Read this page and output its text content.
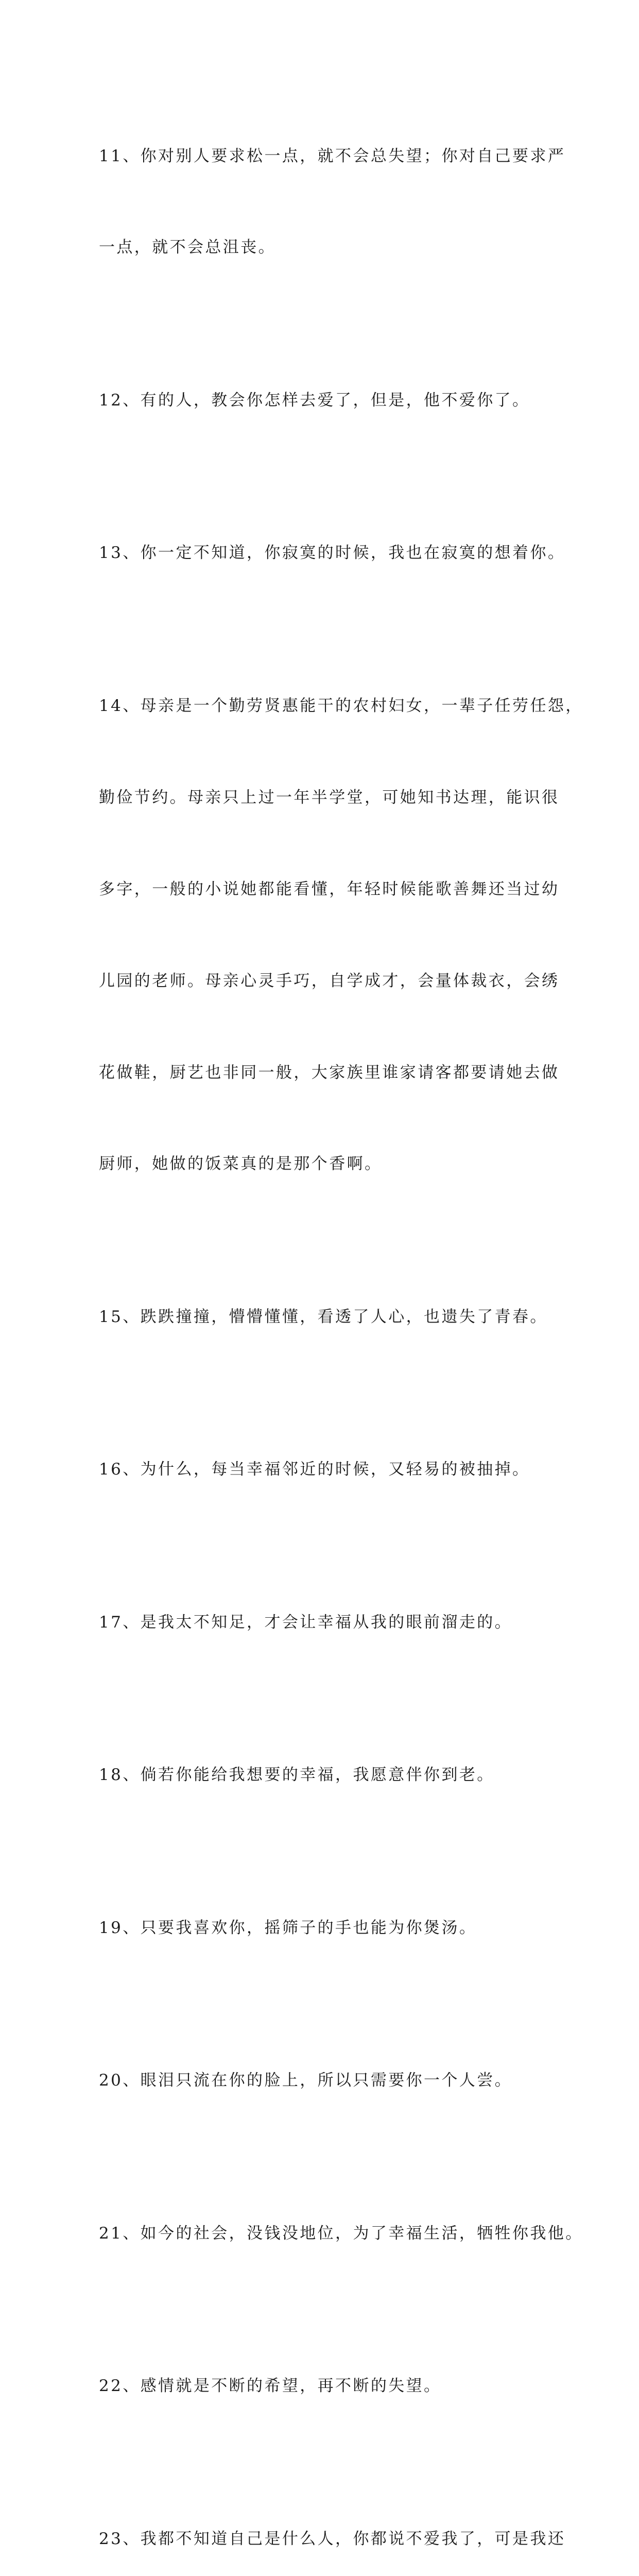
11、你对别人要求松一点，就不会总失望；你对自己要求严

一点，就不会总沮丧。

12、有的人，教会你怎样去爱了，但是，他不爱你了。

13、你一定不知道，你寂寞的时候，我也在寂寞的想着你。

14、母亲是一个勤劳贤惠能干的农村妇女，一辈子任劳任怨，

勤俭节约。母亲只上过一年半学堂，可她知书达理，能识很

多字，一般的小说她都能看懂，年轻时候能歌善舞还当过幼

儿园的老师。母亲心灵手巧，自学成才，会量体裁衣，会绣

花做鞋，厨艺也非同一般，大家族里谁家请客都要请她去做

厨师，她做的饭菜真的是那个香啊。

15、跌跌撞撞，懵懵懂懂，看透了人心，也遗失了青春。

16、为什么，每当幸福邻近的时候，又轻易的被抽掉。

17、是我太不知足，才会让幸福从我的眼前溜走的。

18、倘若你能给我想要的幸福，我愿意伴你到老。

19、只要我喜欢你，摇筛子的手也能为你煲汤。

20、眼泪只流在你的脸上，所以只需要你一个人尝。

21、如今的社会，没钱没地位，为了幸福生活，牺牲你我他。

22、感情就是不断的希望，再不断的失望。

23、我都不知道自己是什么人，你都说不爱我了，可是我还
